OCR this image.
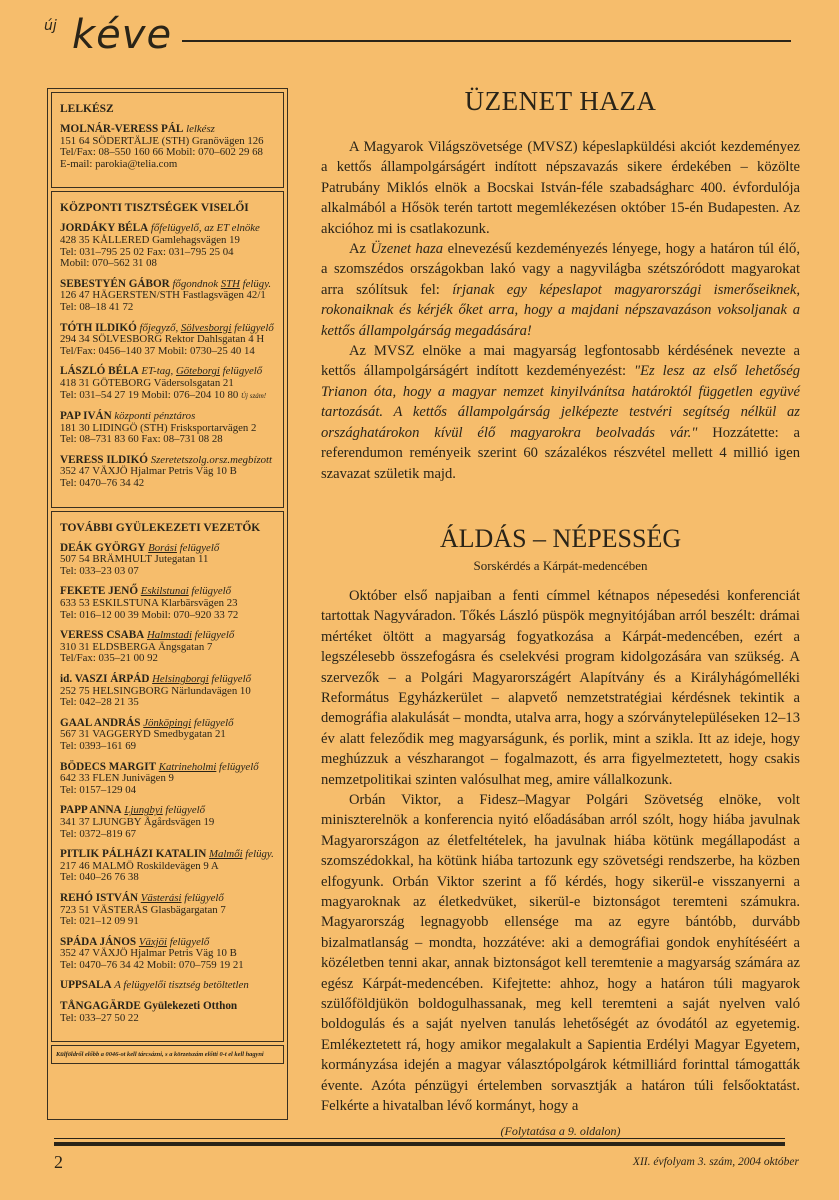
új kéve
LELKÉSZ
MOLNÁR-VERESS PÁL lelkész
151 64 SÖDERTÄLJE (STH) Granövägen 126
Tel/Fax: 08–550 160 66 Mobil: 070–602 29 68
E-mail: parokia@telia.com
KÖZPONTI TISZTSÉGEK VISELŐI
JORDÁKY BÉLA főfelügyelő, az ET elnöke
428 35 KÅLLERED Gamlehagsvägen 19
Tel: 031–795 25 02 Fax: 031–795 25 04
Mobil: 070–562 31 08
SEBESTYÉN GÁBOR főgondnok STH felügy.
126 47 HÄGERSTEN/STH Fastlagsvägen 42/1
Tel: 08–18 41 72
TÓTH ILDIKÓ főjegyző, Sölvesborgi felügyelő
294 34 SÖLVESBORG Rektor Dahlsgatan 4 H
Tel/Fax: 0456–140 37 Mobil: 0730–25 40 14
LÁSZLÓ BÉLA ET-tag, Göteborgi felügyelő
418 31 GÖTEBORG Vädersolsgatan 21
Tel: 031–54 27 19 Mobil: 076–204 10 80 Új szám!
PAP IVÁN központi pénztáros
181 30 LIDINGÖ (STH) Frisksportarvägen 2
Tel: 08–731 83 60 Fax: 08–731 08 28
VERESS ILDIKÓ Szeretetszolg.orsz.megbízott
352 47 VÄXJÖ Hjalmar Petris Väg 10 B
Tel: 0470–76 34 42
TOVÁBBI GYÜLEKEZETI VEZETŐK
DEÁK GYÖRGY Borási felügyelő
507 54 BRÄMHULT Jutegatan 11
Tel: 033–23 03 07
FEKETE JENŐ Eskilstunai felügyelő
633 53 ESKILSTUNA Klarbärsvägen 23
Tel: 016–12 00 39 Mobil: 070–920 33 72
VERESS CSABA Halmstadi felügyelő
310 31 ELDSBERGA Ängsgatan 7
Tel/Fax: 035–21 00 92
id. VASZI ÁRPÁD Helsingborgi felügyelő
252 75 HELSINGBORG Närlundavägen 10
Tel: 042–28 21 35
GAAL ANDRÁS Jönköpingi felügyelő
567 31 VAGGERYD Smedbygatan 21
Tel: 0393–161 69
BÖDECS MARGIT Katrineholmi felügyelő
642 33 FLEN Junivägen 9
Tel: 0157–129 04
PAPP ANNA Ljungbyi felügyelő
341 37 LJUNGBY Ågårdsvägen 19
Tel: 0372–819 67
PITLIK PÁLHÁZI KATALIN Malmői felügy.
217 46 MALMÖ Roskildevägen 9 A
Tel: 040–26 76 38
REHÓ ISTVÁN Västerási felügyelő
723 51 VÄSTERÅS Glasbägargatan 7
Tel: 021–12 09 91
SPÁDA JÁNOS Växjöi felügyelő
352 47 VÄXJÖ Hjalmar Petris Väg 10 B
Tel: 0470–76 34 42 Mobil: 070–759 19 21
UPPSALA A felügyelői tisztség betöltetlen
TÅNGAGÄRDE Gyülekezeti Otthon
Tel: 033–27 50 22
Külföldről előbb a 0046-ot kell tárcsázni, s a körzetszám előtti 0-t el kell hagyni
ÜZENET HAZA

A Magyarok Világszövetsége (MVSZ) képeslapküldési akciót kezdeményez a kettős állampolgárságért indított népszavazás sikere érdekében – közölte Patrubány Miklós elnök a Bocskai István-féle szabadságharc 400. évfordulója alkalmából a Hősök terén tartott megemlékezésen október 15-én Budapesten. Az akcióhoz mi is csatlakozunk.

Az Üzenet haza elnevezésű kezdeményezés lényege, hogy a határon túl élő, a szomszédos országokban lakó vagy a nagyvilágba szétszóródott magyarokat arra szólítsuk fel: írjanak egy képeslapot magyarországi ismerőseiknek, rokonaiknak és kérjék őket arra, hogy a majdani népszavazáson voksoljanak a kettős állampolgárság megadására!

Az MVSZ elnöke a mai magyarság legfontosabb kérdésének nevezte a kettős állampolgárságért indított kezdeményezést: "Ez lesz az első lehetőség Trianon óta, hogy a magyar nemzet kinyilvánítsa határoktól független együvé tartozását. A kettős állampolgárság jelképezte testvéri segítség nélkül az országhatárokon kívül élő magyarokra beolvadás vár." Hozzátette: a referendumon reményeik szerint 60 százalékos részvétel mellett 4 millió igen szavazat születik majd.

ÁLDÁS – NÉPESSÉG
Sorskérdés a Kárpát-medencében

Október első napjaiban a fenti címmel kétnapos népesedési konferenciát tartottak Nagyváradon. Tőkés László püspök megnyitójában arról beszélt: drámai mértéket öltött a magyarság fogyatkozása a Kárpát-medencében, ezért a legszélesebb összefogásra és cselekvési program kidolgozására van szükség. A szervezők – a Polgári Magyarországért Alapítvány és a Királyhágómelléki Református Egyházkerület – alapvető nemzetstratégiai kérdésnek tekintik a demográfia alakulását – mondta, utalva arra, hogy a szórványtelepüléseken 12–13 év alatt feleződik meg magyarságunk, és porlik, mint a szikla. Itt az ideje, hogy meghúzzuk a vészharangot – fogalmazott, és arra figyelmeztetett, hogy csakis nemzetpolitikai szinten valósulhat meg, amire vállalkozunk.

Orbán Viktor, a Fidesz–Magyar Polgári Szövetség elnöke, volt miniszterelnök a konferencia nyitó előadásában arról szólt, hogy hiába javulnak Magyarországon az életfeltételek, ha javulnak hiába kötünk megállapodást a szomszédokkal, ha kötünk hiába tartozunk egy szövetségi rendszerbe, ha közben elfogyunk. Orbán Viktor szerint a fő kérdés, hogy sikerül-e visszanyerni a magyaroknak az életkedvüket, sikerül-e biztonságot teremteni számukra. Magyarország legnagyobb ellensége ma az egyre bántóbb, durvább bizalmatlanság – mondta, hozzátéve: aki a demográfiai gondok enyhítéséért a közéletben tenni akar, annak biztonságot kell teremtenie a magyarság számára az egész Kárpát-medencében. Kifejtette: ahhoz, hogy a határon túli magyarok szülőföldjükön boldogulhassanak, meg kell teremteni a saját nyelven való boldogulás és a saját nyelven tanulás lehetőségét az óvodától az egyetemig. Emlékeztetett rá, hogy amikor megalakult a Sapientia Erdélyi Magyar Egyetem, kormányzása idején a magyar választópolgárok kétmilliárd forinttal támogatták évente. Azóta pénzügyi értelemben sorvasztják a határon túli felsőoktatást. Felkérte a hivatalban lévő kormányt, hogy a

(Folytatása a 9. oldalon)
2	XII. évfolyam 3. szám, 2004 október
